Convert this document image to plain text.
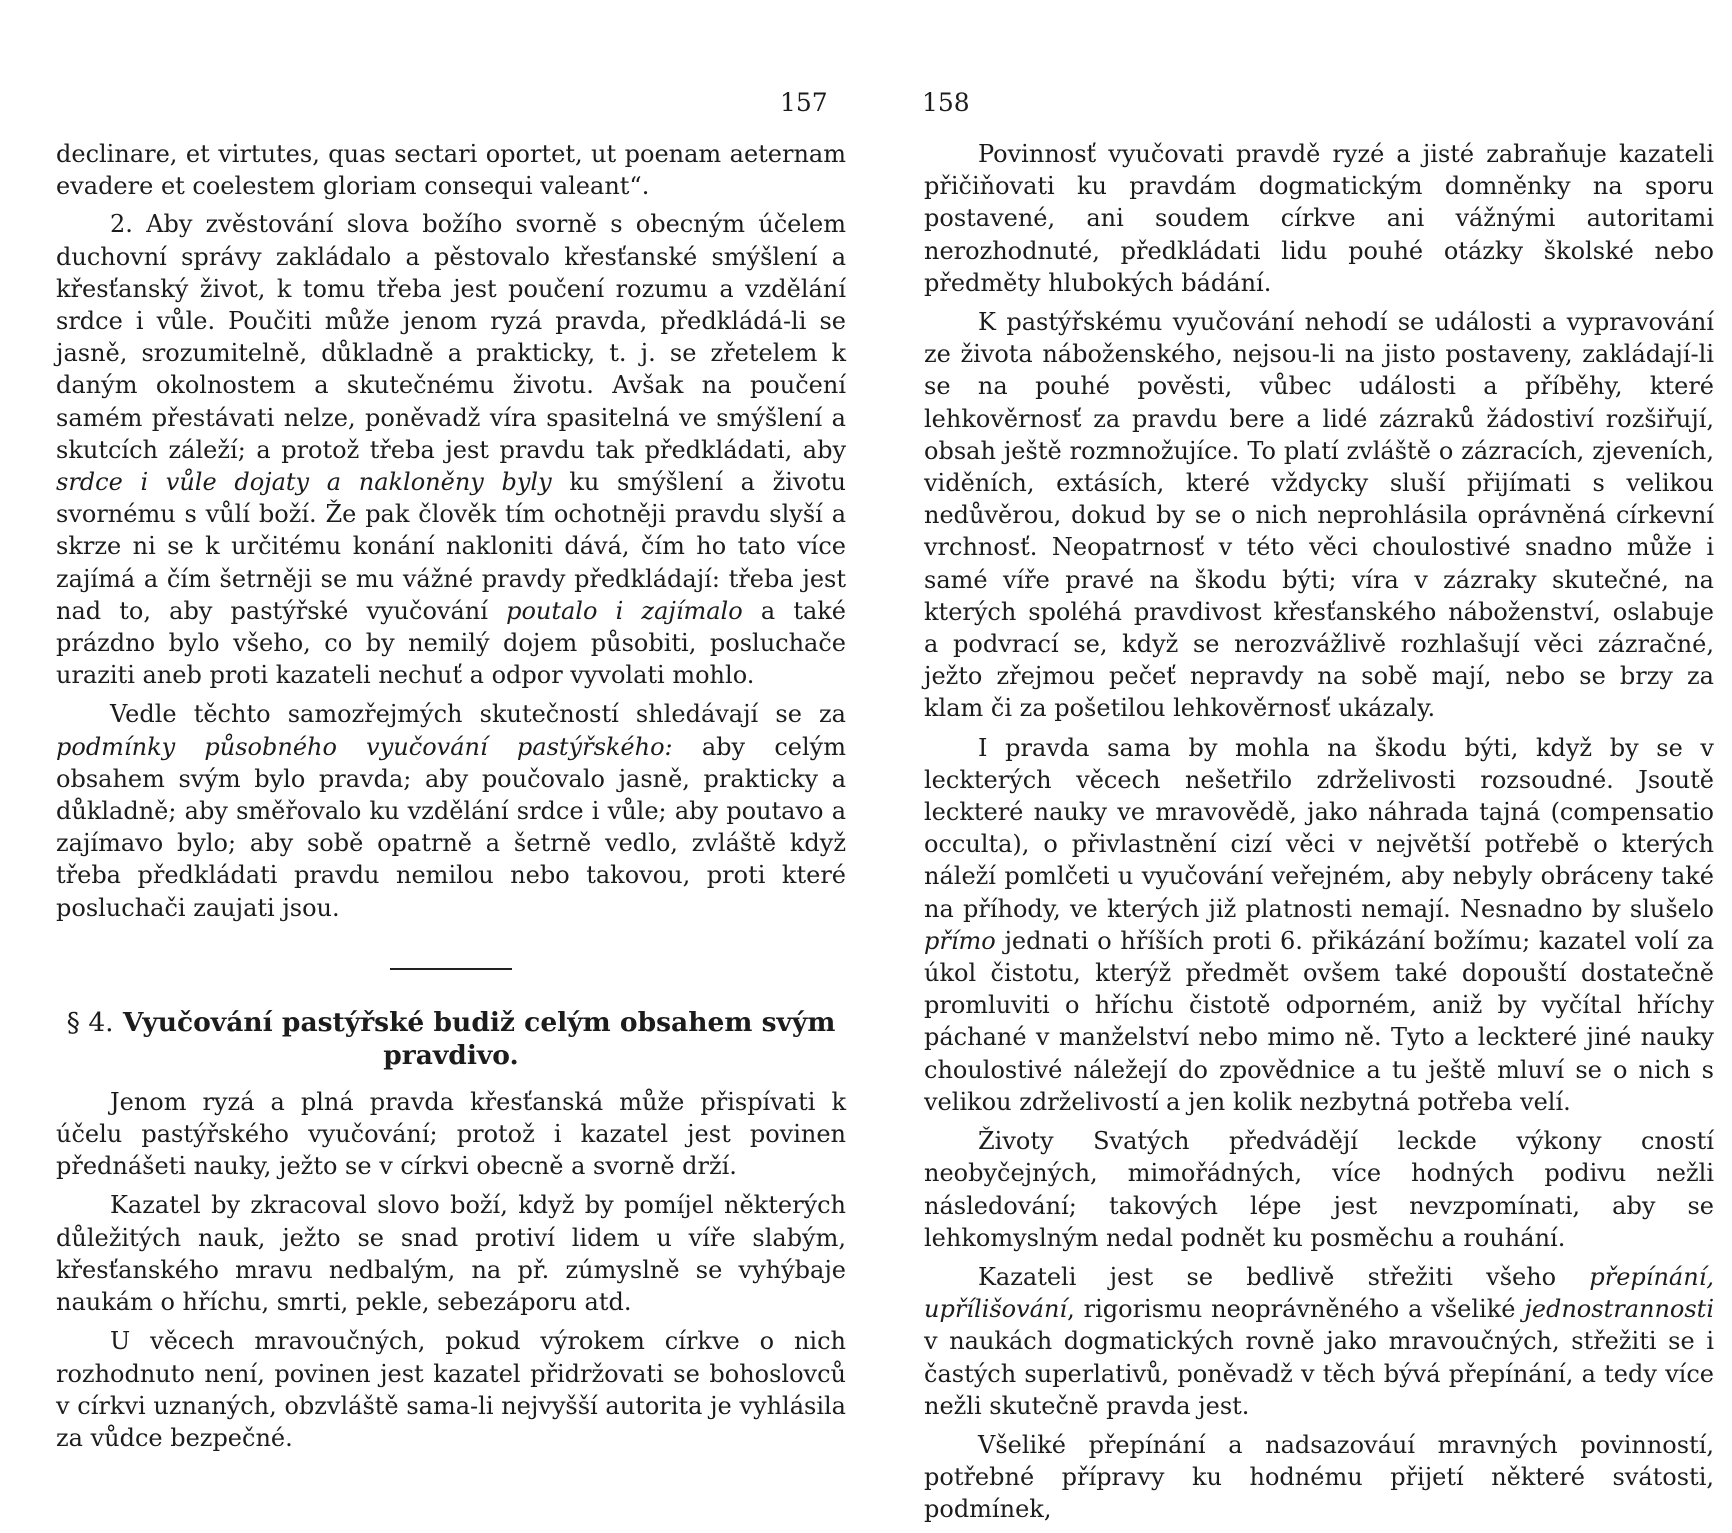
157

declinare, et virtutes, quas sectari oportet, ut poenam aeternam evadere et coelestem gloriam consequi valeant“.

2. Aby zvěstování slova božího svorně s obecným účelem duchovní správy zakládalo a pěstovalo křesťanské smýšlení a křesťanský život, k tomu třeba jest poučení rozumu a vzdělání srdce i vůle. Poučiti může jenom ryzá pravda, předkládá-li se jasně, srozumitelně, důkladně a prakticky, t. j. se zřetelem k daným okolnostem a skutečnému životu. Avšak na poučení samém přestávati nelze, poněvadž víra spasitelná ve smýšlení a skutcích záleží; a protož třeba jest pravdu tak předkládati, aby srdce i vůle dojaty a nakloněny byly ku smýšlení a životu svornému s vůlí boží. Že pak člověk tím ochotněji pravdu slyší a skrze ni se k určitému konání nakloniti dává, čím ho tato více zajímá a čím šetrněji se mu vážné pravdy předkládají: třeba jest nad to, aby pastýřské vyučování poutalo i zajímalo a také prázdno bylo všeho, co by nemilý dojem působiti, posluchače uraziti aneb proti kazateli nechuť a odpor vyvolati mohlo.

Vedle těchto samozřejmých skutečností shledávají se za podmínky působného vyučování pastýřského: aby celým obsahem svým bylo pravda; aby poučovalo jasně, prakticky a důkladně; aby směřovalo ku vzdělání srdce i vůle; aby poutavo a zajímavo bylo; aby sobě opatrně a šetrně vedlo, zvláště když třeba předkládati pravdu nemilou nebo takovou, proti které posluchači zaujati jsou.

§ 4. Vyučování pastýřské budiž celým obsahem svým pravdivo.

Jenom ryzá a plná pravda křesťanská může přispívati k účelu pastýřského vyučování; protož i kazatel jest povinen přednášeti nauky, ježto se v církvi obecně a svorně drží.

Kazatel by zkracoval slovo boží, když by pomíjel některých důležitých nauk, ježto se snad protiví lidem u víře slabým, křesťanského mravu nedbalým, na př. zúmyslně se vyhýbaje naukám o hříchu, smrti, pekle, sebezáporu atd.

U věcech mravoučných, pokud výrokem církve o nich rozhodnuto není, povinen jest kazatel přidržovati se bohoslovců v církvi uznaných, obzvláště sama-li nejvyšší autorita je vyhlásila za vůdce bezpečné.

158

Povinnosť vyučovati pravdě ryzé a jisté zabraňuje kazateli přičiňovati ku pravdám dogmatickým domněnky na sporu postavené, ani soudem církve ani vážnými autoritami nerozhodnuté, předkládati lidu pouhé otázky školské nebo předměty hlubokých bádání.

K pastýřskému vyučování nehodí se události a vypravování ze života náboženského, nejsou-li na jisto postaveny, zakládají-li se na pouhé pověsti, vůbec události a příběhy, které lehkověrnosť za pravdu bere a lidé zázraků žádostiví rozšiřují, obsah ještě rozmnožujíce. To platí zvláště o zázracích, zjeveních, viděních, extásích, které vždycky sluší přijímati s velikou nedůvěrou, dokud by se o nich neprohlásila oprávněná církevní vrchnosť. Neopatrnosť v této věci choulostivé snadno může i samé víře pravé na škodu býti; víra v zázraky skutečné, na kterých spoléhá pravdivost křesťanského náboženství, oslabuje a podvrací se, když se nerozvážlivě rozhlašují věci zázračné, ježto zřejmou pečeť nepravdy na sobě mají, nebo se brzy za klam či za pošetilou lehkověrnosť ukázaly.

I pravda sama by mohla na škodu býti, když by se v leckterých věcech nešetřilo zdrželivosti rozsoudné. Jsoutě leckteré nauky ve mravovědě, jako náhrada tajná (compensatio occulta), o přivlastnění cizí věci v největší potřebě o kterých náleží pomlčeti u vyučování veřejném, aby nebyly obráceny také na příhody, ve kterých již platnosti nemají. Nesnadno by slušelo přímo jednati o hříších proti 6. přikázání božímu; kazatel volí za úkol čistotu, kterýž předmět ovšem také dopouští dostatečně promluviti o hříchu čistotě odporném, aniž by vyčítal hříchy páchané v manželství nebo mimo ně. Tyto a leckteré jiné nauky choulostivé náležejí do zpovědnice a tu ještě mluví se o nich s velikou zdrželivostí a jen kolik nezbytná potřeba velí.

Životy Svatých předvádějí leckde výkony cností neobyčejných, mimořádných, více hodných podivu nežli následování; takových lépe jest nevzpomínati, aby se lehkomyslným nedal podnět ku posměchu a rouhání.

Kazateli jest se bedlivě střežiti všeho přepínání, upřílišování, rigorismu neoprávněného a všeliké jednostrannosti v naukách dogmatických rovně jako mravoučných, střežiti se i častých superlativů, poněvadž v těch bývá přepínání, a tedy více nežli skutečně pravda jest.

Všeliké přepínání a nadsazováuí mravných povinností, potřebné přípravy ku hodnému přijetí některé svátosti, podmínek,
